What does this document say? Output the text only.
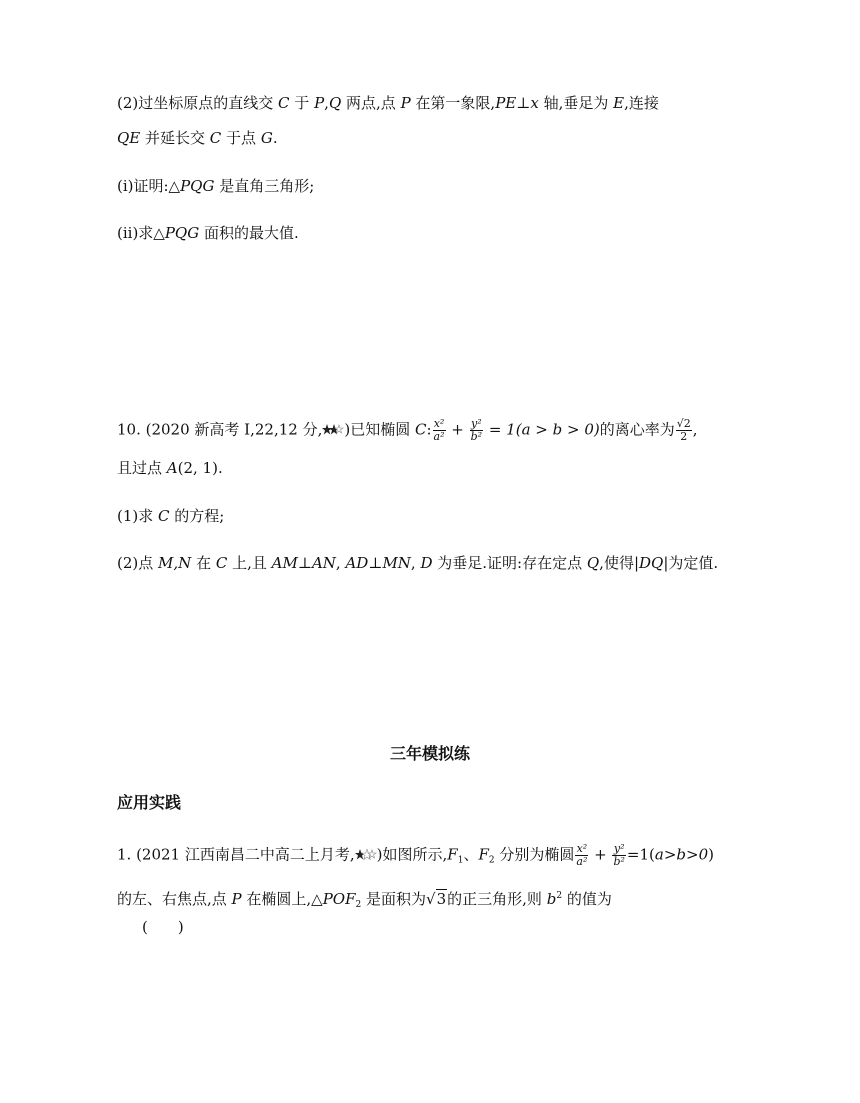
(2)过坐标原点的直线交 C 于 P,Q 两点,点 P 在第一象限,PE⊥x 轴,垂足为 E,连接
QE 并延长交 C 于点 G.
(i)证明:△PQG 是直角三角形;
(ii)求△PQG 面积的最大值.
10. (2020 新高考 Ⅰ,22,12 分, )已知椭圆 C: $\frac{\text{x²}}{\text{a²}} + \frac{\text{y²}}{\text{b²}} = 1(a > b > 0)$的离心率为 $\frac{√2}{2}$ ,
且过点 A(2, 1).
(1)求 C 的方程;
(2)点 M,N 在 C 上,且 AM⊥AN, AD⊥MN, D 为垂足.证明:存在定点 Q,使得|DQ|为定值.
三年模拟练
应用实践
1. (2021 江西南昌二中高二上月考, )如图所示$,F_1$、$F_2$ 分别为椭圆 $\frac{\text{x²}}{\text{a²}} + \frac{\text{y²}}{\text{b²}} =1(a>b>0)$
的左、右焦点,点 P 在椭圆上$,\triangle POF_2$ 是面积为√3的正三角形,则 $b^2$ 的值为
(　　)
